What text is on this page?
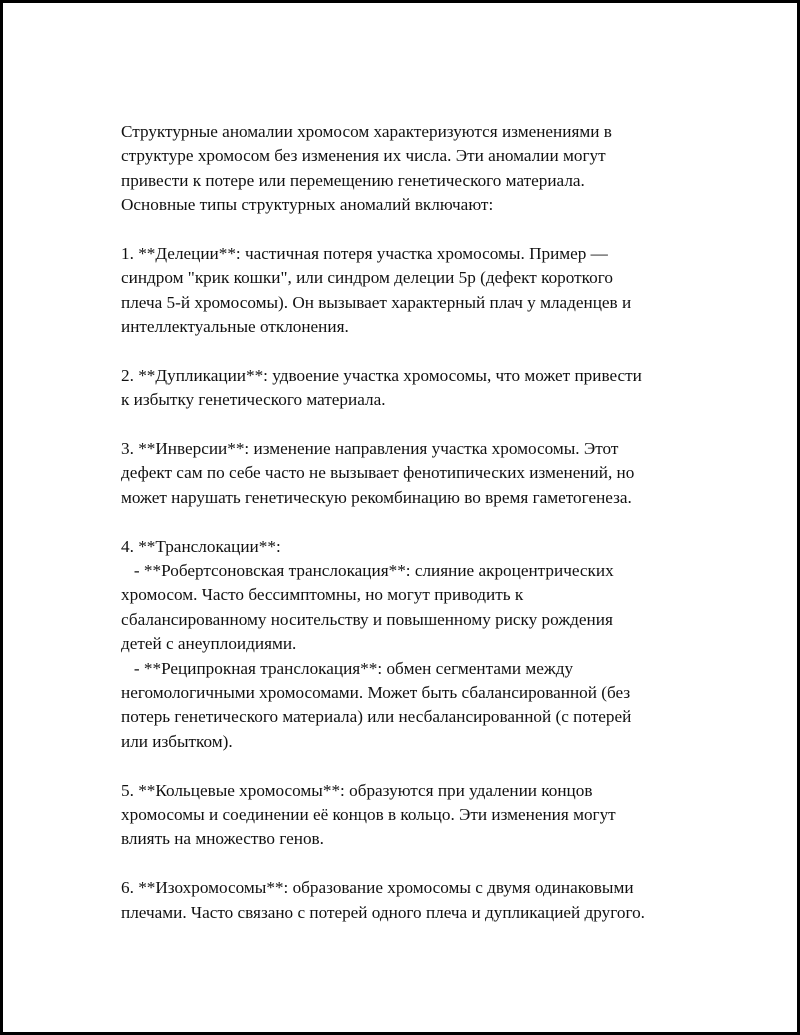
Структурные аномалии хромосом характеризуются изменениями в
структуре хромосом без изменения их числа. Эти аномалии могут
привести к потере или перемещению генетического материала.
Основные типы структурных аномалий включают:
1. **Делеции**: частичная потеря участка хромосомы. Пример —
синдром "крик кошки", или синдром делеции 5p (дефект короткого
плеча 5-й хромосомы). Он вызывает характерный плач у младенцев и
интеллектуальные отклонения.
2. **Дупликации**: удвоение участка хромосомы, что может привести
к избытку генетического материала.
3. **Инверсии**: изменение направления участка хромосомы. Этот
дефект сам по себе часто не вызывает фенотипических изменений, но
может нарушать генетическую рекомбинацию во время гаметогенеза.
4. **Транслокации**:
- **Робертсоновская транслокация**: слияние акроцентрических
хромосом. Часто бессимптомны, но могут приводить к
сбалансированному носительству и повышенному риску рождения
детей с анеуплоидиями.
- **Реципрокная транслокация**: обмен сегментами между
негомологичными хромосомами. Может быть сбалансированной (без
потерь генетического материала) или несбалансированной (с потерей
или избытком).
5. **Кольцевые хромосомы**: образуются при удалении концов
хромосомы и соединении её концов в кольцо. Эти изменения могут
влиять на множество генов.
6. **Изохромосомы**: образование хромосомы с двумя одинаковыми
плечами. Часто связано с потерей одного плеча и дупликацией другого.
